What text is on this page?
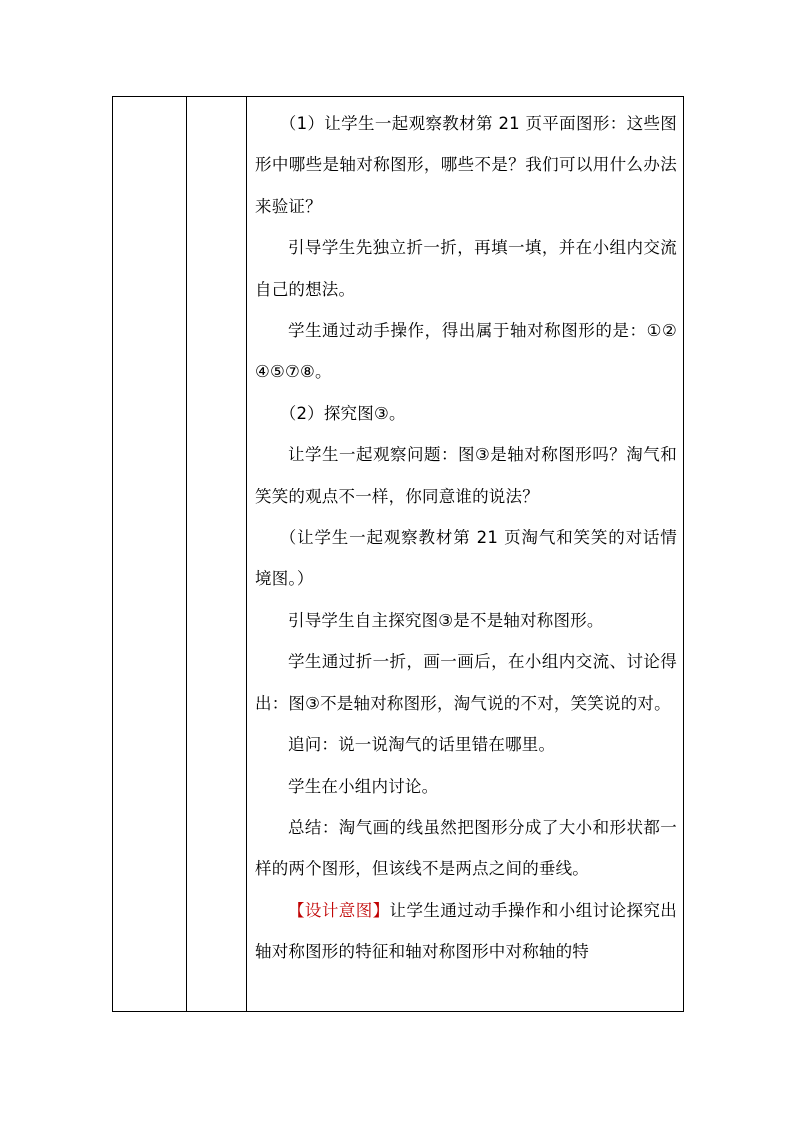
（1）让学生一起观察教材第 21 页平面图形：这些图形中哪些是轴对称图形，哪些不是？我们可以用什么办法来验证？

引导学生先独立折一折，再填一填，并在小组内交流自己的想法。

学生通过动手操作，得出属于轴对称图形的是：①②④⑤⑦⑧。

（2）探究图③。

让学生一起观察问题：图③是轴对称图形吗？淘气和笑笑的观点不一样，你同意谁的说法？

（让学生一起观察教材第 21 页淘气和笑笑的对话情境图。）

引导学生自主探究图③是不是轴对称图形。

学生通过折一折，画一画后，在小组内交流、讨论得出：图③不是轴对称图形，淘气说的不对，笑笑说的对。

追问：说一说淘气的话里错在哪里。

学生在小组内讨论。

总结：淘气画的线虽然把图形分成了大小和形状都一样的两个图形，但该线不是两点之间的垂线。

【设计意图】让学生通过动手操作和小组讨论探究出轴对称图形的特征和轴对称图形中对称轴的特
